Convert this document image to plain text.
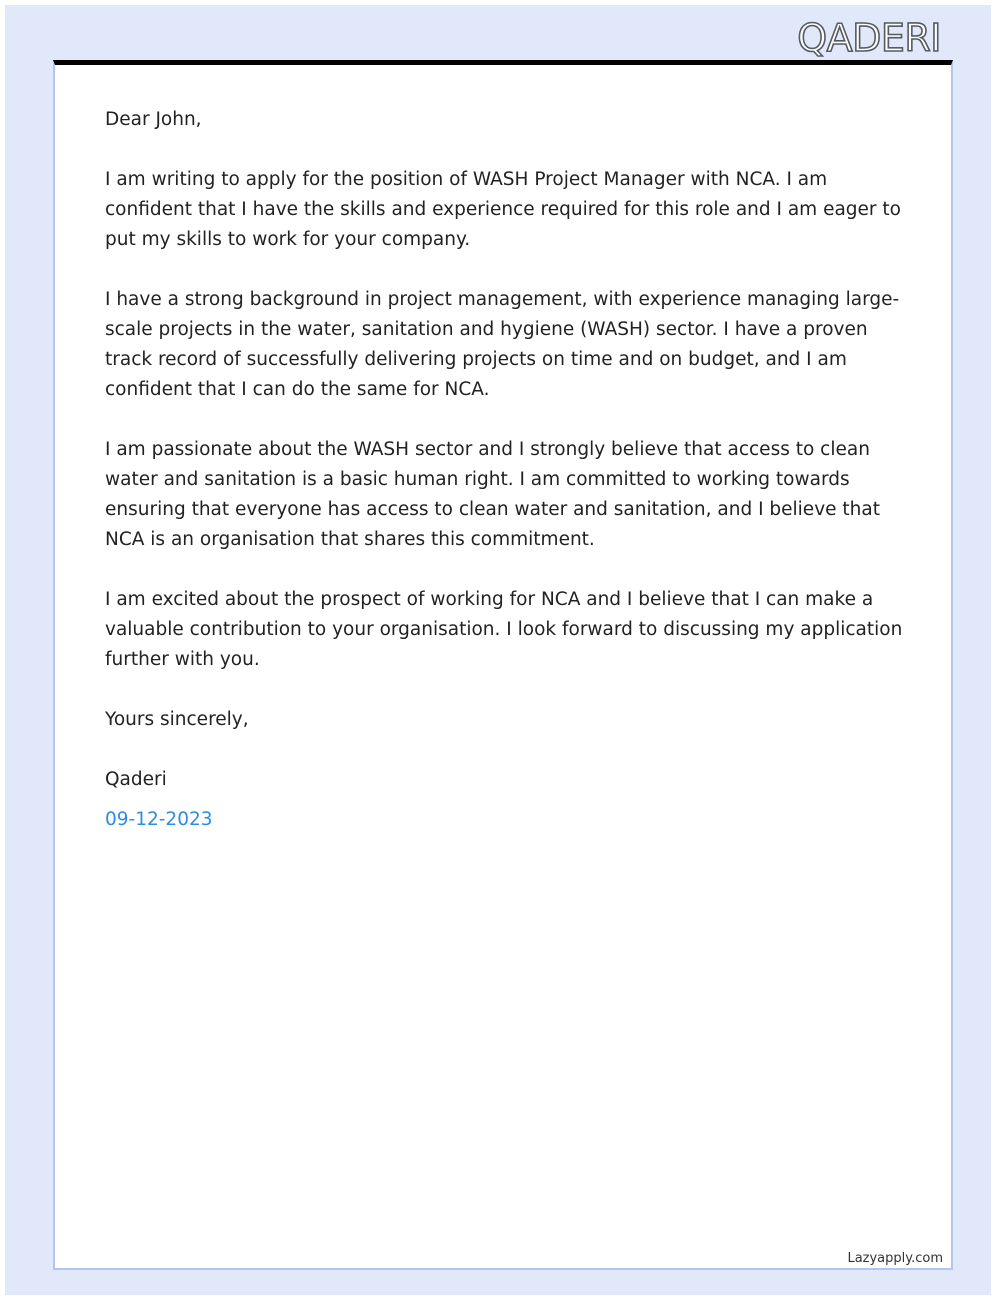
QADERI

Dear John,

I am writing to apply for the position of WASH Project Manager with NCA. I am confident that I have the skills and experience required for this role and I am eager to put my skills to work for your company.

I have a strong background in project management, with experience managing large-scale projects in the water, sanitation and hygiene (WASH) sector. I have a proven track record of successfully delivering projects on time and on budget, and I am confident that I can do the same for NCA.

I am passionate about the WASH sector and I strongly believe that access to clean water and sanitation is a basic human right. I am committed to working towards ensuring that everyone has access to clean water and sanitation, and I believe that NCA is an organisation that shares this commitment.

I am excited about the prospect of working for NCA and I believe that I can make a valuable contribution to your organisation. I look forward to discussing my application further with you.

Yours sincerely,

Qaderi

09-12-2023

Lazyapply.com
